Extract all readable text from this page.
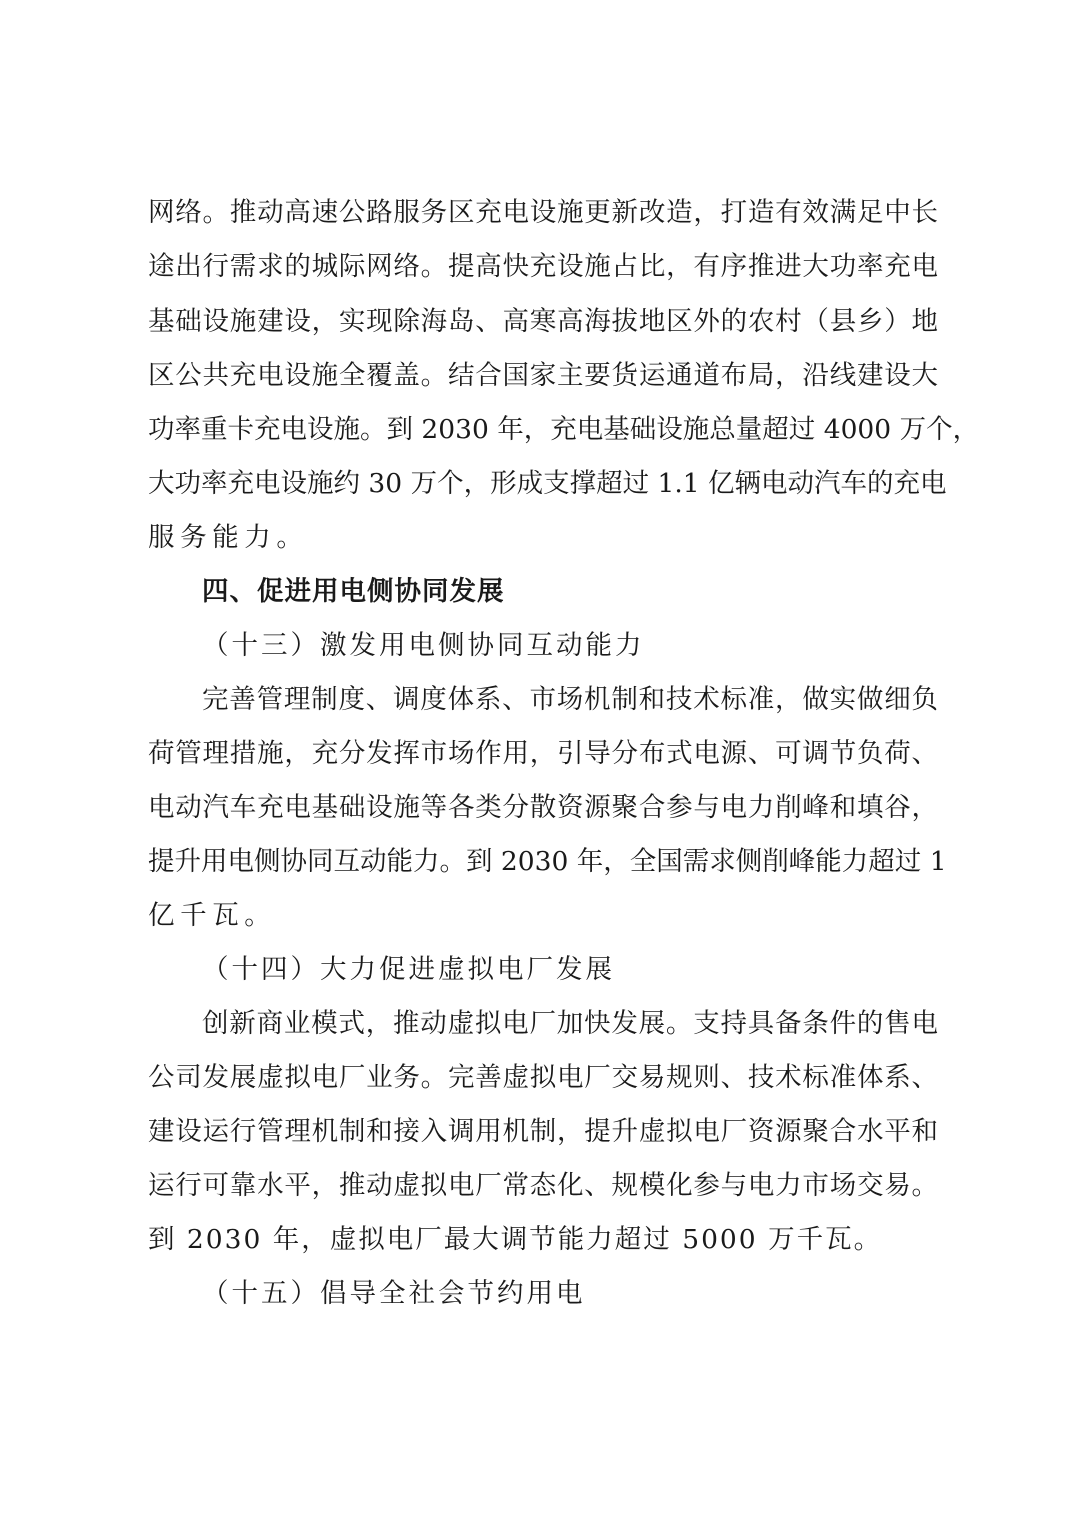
网络。推动高速公路服务区充电设施更新改造，打造有效满足中长
途出行需求的城际网络。提高快充设施占比，有序推进大功率充电
基础设施建设，实现除海岛、高寒高海拔地区外的农村（县乡）地
区公共充电设施全覆盖。结合国家主要货运通道布局，沿线建设大
功率重卡充电设施。到 2030 年，充电基础设施总量超过 4000 万个，
大功率充电设施约 30 万个，形成支撑超过 1.1 亿辆电动汽车的充电
服务能力。
四、促进用电侧协同发展
（十三）激发用电侧协同互动能力
完善管理制度、调度体系、市场机制和技术标准，做实做细负
荷管理措施，充分发挥市场作用，引导分布式电源、可调节负荷、
电动汽车充电基础设施等各类分散资源聚合参与电力削峰和填谷，
提升用电侧协同互动能力。到 2030 年，全国需求侧削峰能力超过 1
亿千瓦。
（十四）大力促进虚拟电厂发展
创新商业模式，推动虚拟电厂加快发展。支持具备条件的售电
公司发展虚拟电厂业务。完善虚拟电厂交易规则、技术标准体系、
建设运行管理机制和接入调用机制，提升虚拟电厂资源聚合水平和
运行可靠水平，推动虚拟电厂常态化、规模化参与电力市场交易。
到 2030 年，虚拟电厂最大调节能力超过 5000 万千瓦。
（十五）倡导全社会节约用电
